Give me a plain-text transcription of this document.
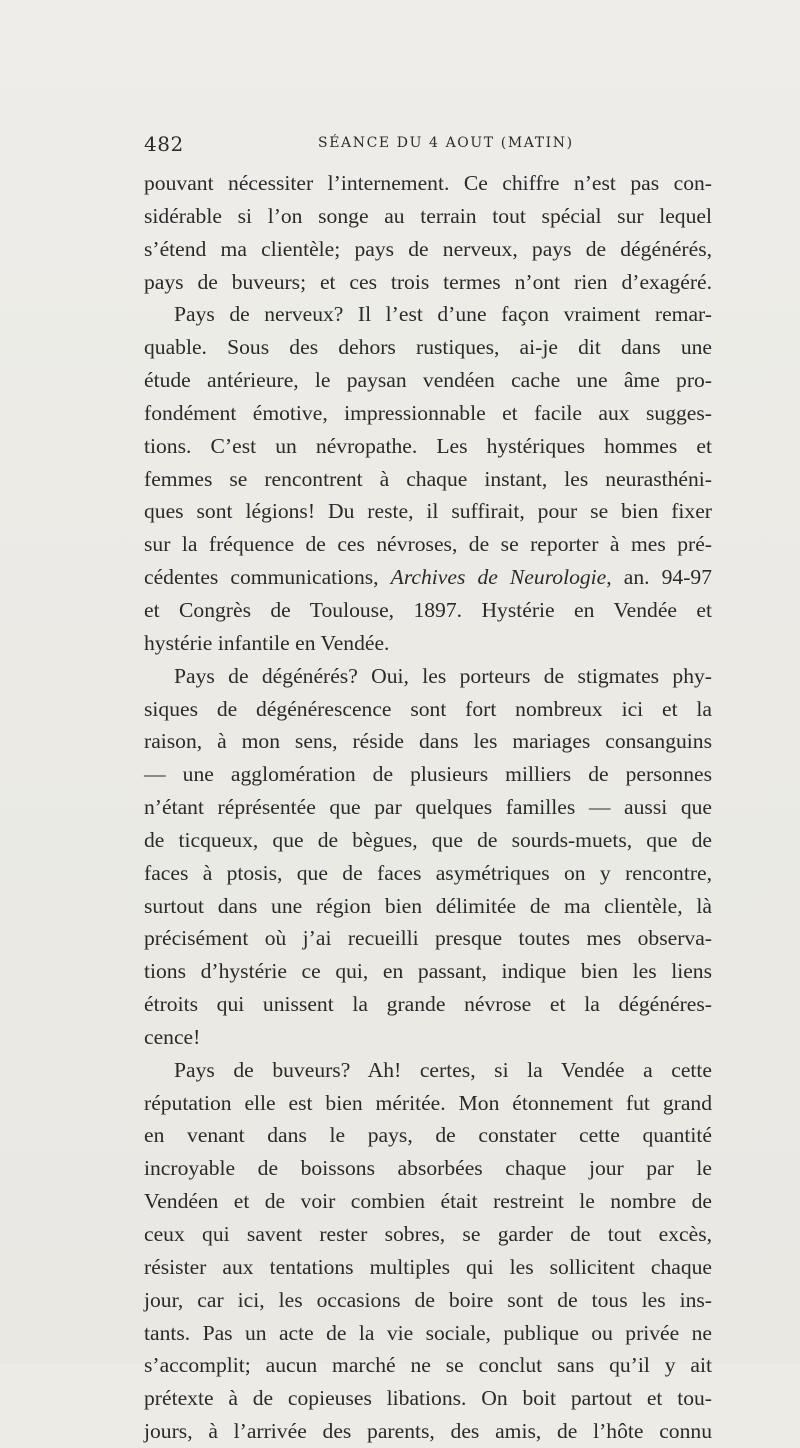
482	SÉANCE DU 4 AOUT (MATIN)
pouvant nécessiter l’internement. Ce chiffre n’est pas con-
sidérable si l’on songe au terrain tout spécial sur lequel
s’étend ma clientèle; pays de nerveux, pays de dégénérés,
pays de buveurs; et ces trois termes n’ont rien d’exagéré.
Pays de nerveux? Il l’est d’une façon vraiment remar-
quable. Sous des dehors rustiques, ai-je dit dans une
étude antérieure, le paysan vendéen cache une âme pro-
fondément émotive, impressionnable et facile aux sugges-
tions. C’est un névropathe. Les hystériques hommes et
femmes se rencontrent à chaque instant, les neurasthéni-
ques sont légions! Du reste, il suffirait, pour se bien fixer
sur la fréquence de ces névroses, de se reporter à mes pré-
cédentes communications, Archives de Neurologie, an. 94-97
et Congrès de Toulouse, 1897. Hystérie en Vendée et
hystérie infantile en Vendée.
Pays de dégénérés? Oui, les porteurs de stigmates phy-
siques de dégénérescence sont fort nombreux ici et la
raison, à mon sens, réside dans les mariages consanguins
— une agglomération de plusieurs milliers de personnes
n’étant réprésentée que par quelques familles — aussi que
de ticqueux, que de bègues, que de sourds-muets, que de
faces à ptosis, que de faces asymétriques on y rencontre,
surtout dans une région bien délimitée de ma clientèle, là
précisément où j’ai recueilli presque toutes mes observa-
tions d’hystérie ce qui, en passant, indique bien les liens
étroits qui unissent la grande névrose et la dégénéres-
cence!
Pays de buveurs? Ah! certes, si la Vendée a cette
réputation elle est bien méritée. Mon étonnement fut grand
en venant dans le pays, de constater cette quantité
incroyable de boissons absorbées chaque jour par le
Vendéen et de voir combien était restreint le nombre de
ceux qui savent rester sobres, se garder de tout excès,
résister aux tentations multiples qui les sollicitent chaque
jour, car ici, les occasions de boire sont de tous les ins-
tants. Pas un acte de la vie sociale, publique ou privée ne
s’accomplit; aucun marché ne se conclut sans qu’il y ait
prétexte à de copieuses libations. On boit partout et tou-
jours, à l’arrivée des parents, des amis, de l’hôte connu
